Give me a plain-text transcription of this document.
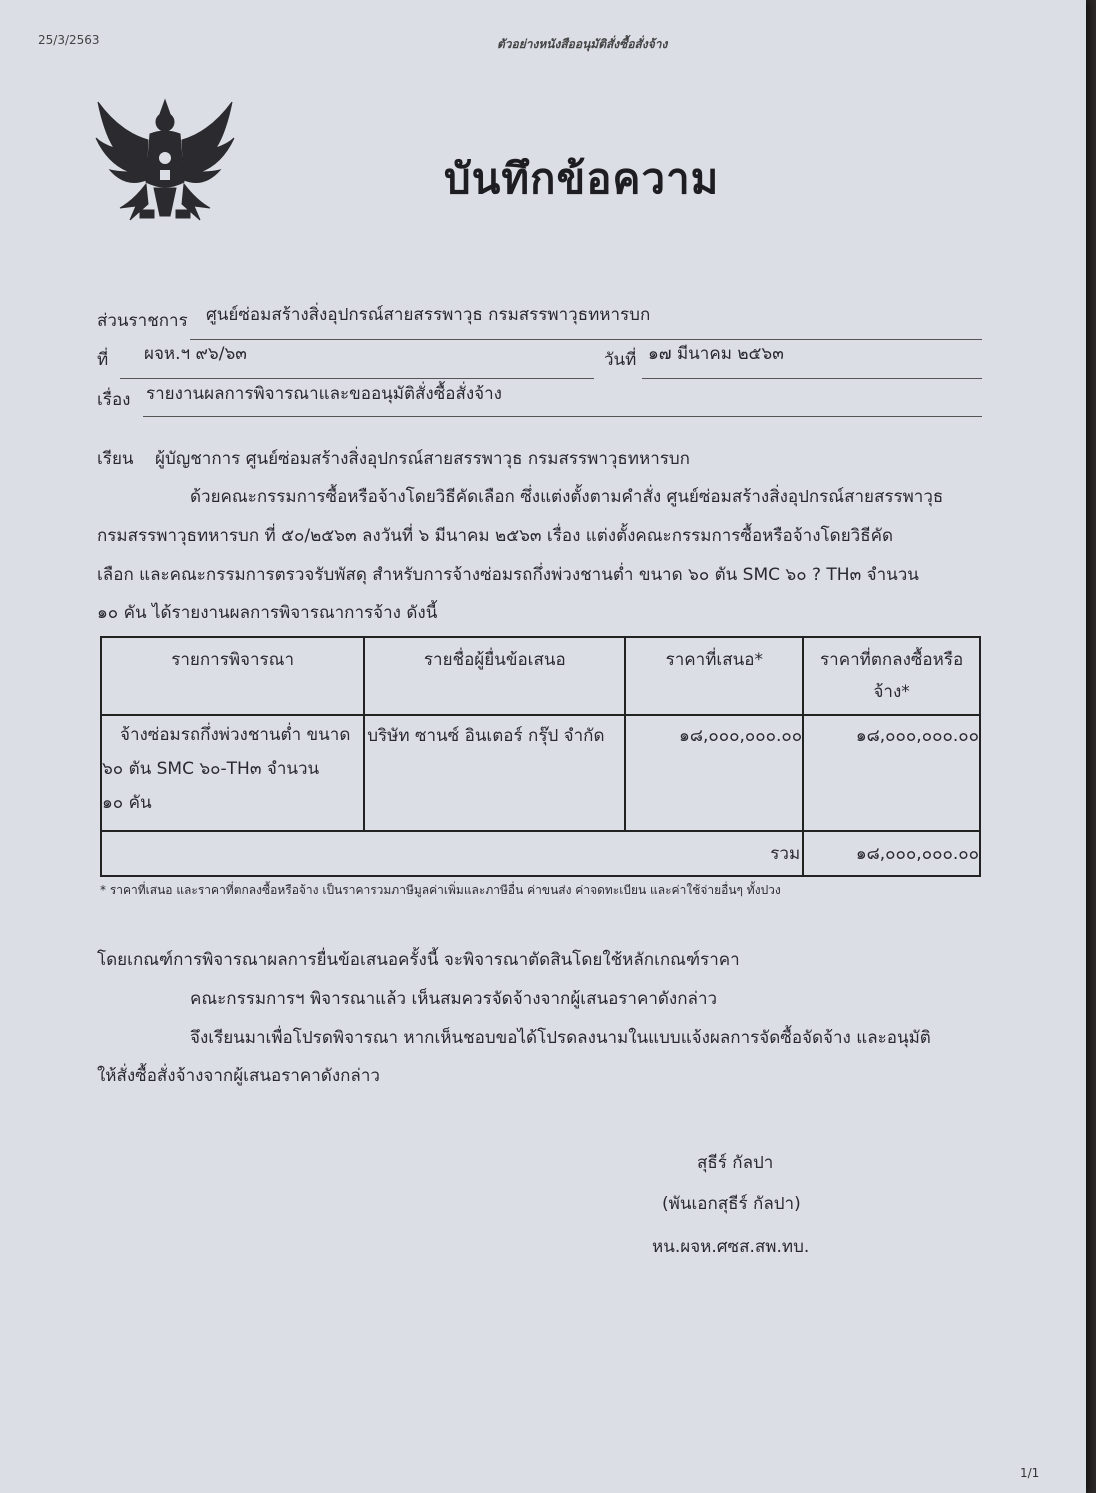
25/3/2563	ตัวอย่างหนังสืออนุมัติสั่งซื้อสั่งจ้าง
บันทึกข้อความ
ส่วนราชการ ศูนย์ซ่อมสร้างสิ่งอุปกรณ์สายสรรพาวุธ กรมสรรพาวุธทหารบก
ที่ ผจห.ฯ ๙๖/๖๓	วันที่ ๑๗ มีนาคม ๒๕๖๓
เรื่อง รายงานผลการพิจารณาและขออนุมัติสั่งซื้อสั่งจ้าง
เรียน ผู้บัญชาการ ศูนย์ซ่อมสร้างสิ่งอุปกรณ์สายสรรพาวุธ กรมสรรพาวุธทหารบก
ด้วยคณะกรรมการซื้อหรือจ้างโดยวิธีคัดเลือก ซึ่งแต่งตั้งตามคำสั่ง ศูนย์ซ่อมสร้างสิ่งอุปกรณ์สายสรรพาวุธ
กรมสรรพาวุธทหารบก ที่ ๕๐/๒๕๖๓ ลงวันที่ ๖ มีนาคม ๒๕๖๓ เรื่อง แต่งตั้งคณะกรรมการซื้อหรือจ้างโดยวิธีคัด
เลือก และคณะกรรมการตรวจรับพัสดุ สำหรับการจ้างซ่อมรถกึ่งพ่วงชานต่ำ ขนาด ๖๐ ตัน SMC ๖๐ ? TH๓ จำนวน
๑๐ คัน ได้รายงานผลการพิจารณาการจ้าง ดังนี้
รายการพิจารณา	รายชื่อผู้ยื่นข้อเสนอ	ราคาที่เสนอ*	ราคาที่ตกลงซื้อหรือ
จ้าง*

จ้างซ่อมรถกึ่งพ่วงชานต่ำ ขนาด
๖๐ ตัน SMC ๖๐-TH๓ จำนวน
๑๐ คัน	บริษัท ซานซ์ อินเตอร์ กรุ๊ป จำกัด	๑๘,๐๐๐,๐๐๐.๐๐	๑๘,๐๐๐,๐๐๐.๐๐
รวม			๑๘,๐๐๐,๐๐๐.๐๐
* ราคาที่เสนอ และราคาที่ตกลงซื้อหรือจ้าง เป็นราคารวมภาษีมูลค่าเพิ่มและภาษีอื่น ค่าขนส่ง ค่าจดทะเบียน และค่าใช้จ่ายอื่นๆ ทั้งปวง
โดยเกณฑ์การพิจารณาผลการยื่นข้อเสนอครั้งนี้ จะพิจารณาตัดสินโดยใช้หลักเกณฑ์ราคา
คณะกรรมการฯ พิจารณาแล้ว เห็นสมควรจัดจ้างจากผู้เสนอราคาดังกล่าว
จึงเรียนมาเพื่อโปรดพิจารณา หากเห็นชอบขอได้โปรดลงนามในแบบแจ้งผลการจัดซื้อจัดจ้าง และอนุมัติ
ให้สั่งซื้อสั่งจ้างจากผู้เสนอราคาดังกล่าว
สุธีร์ กัลปา
(พันเอกสุธีร์ กัลปา)
หน.ผจห.ศซส.สพ.ทบ.
1/1
